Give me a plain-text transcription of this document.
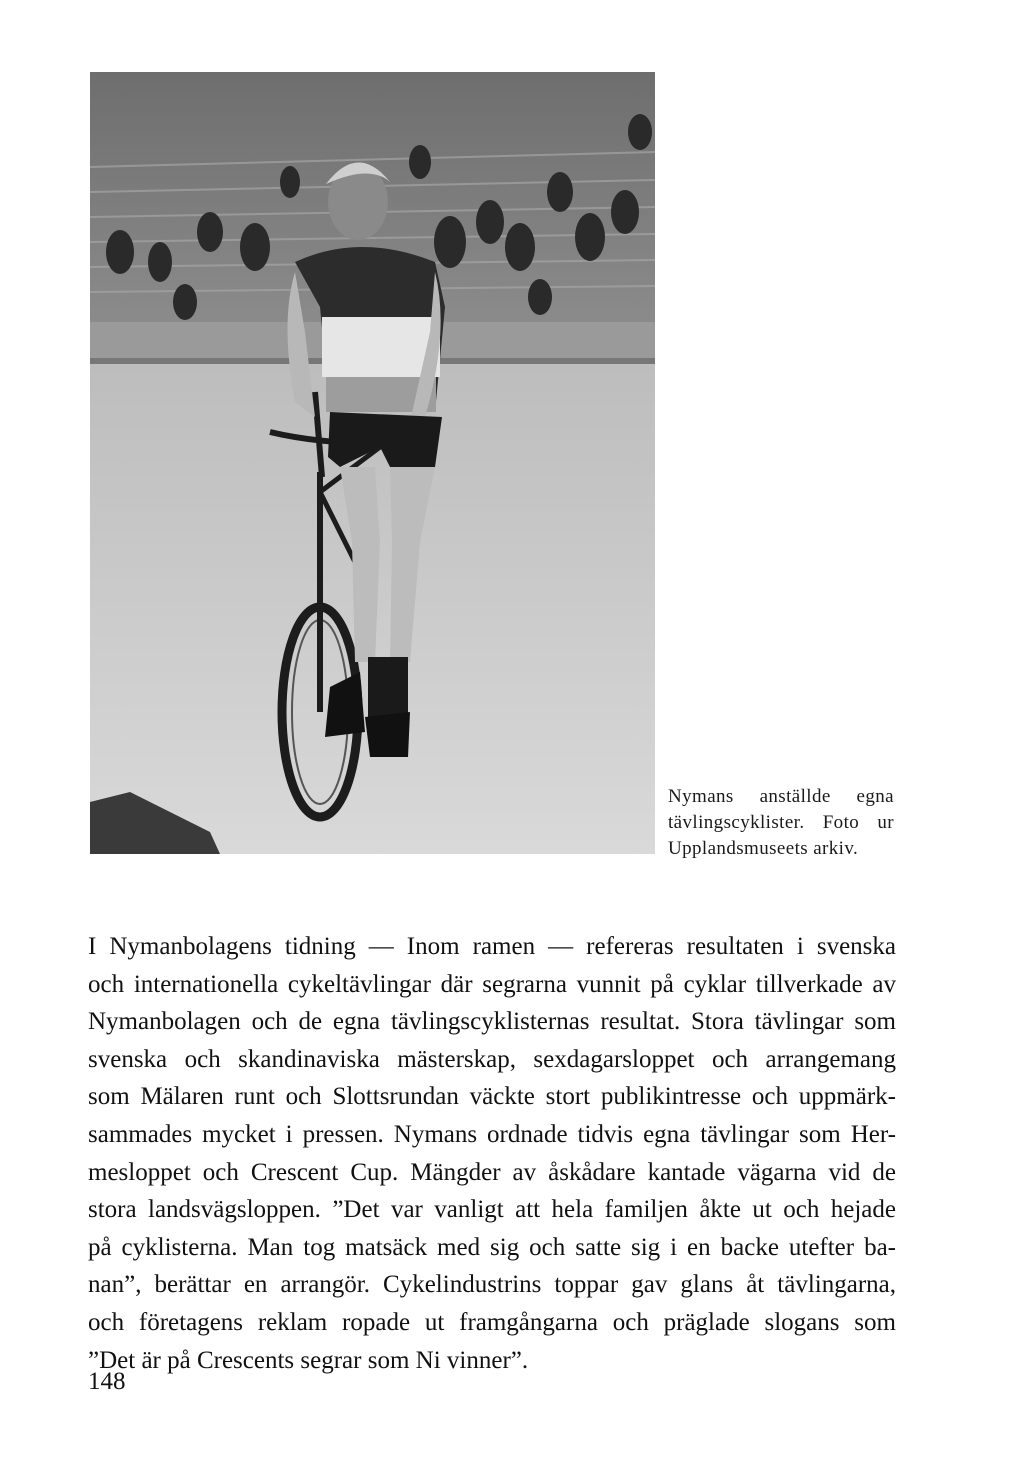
Nymans anställde egna
tävlingscyklister. Foto ur
Upplandsmuseets arkiv.
I Nymanbolagens tidning — Inom ramen — refereras resultaten i svenska
och internationella cykeltävlingar där segrarna vunnit på cyklar tillverkade av
Nymanbolagen och de egna tävlingscyklisternas resultat. Stora tävlingar som
svenska och skandinaviska mästerskap, sexdagarsloppet och arrangemang
som Mälaren runt och Slottsrundan väckte stort publikintresse och uppmärk-
sammades mycket i pressen. Nymans ordnade tidvis egna tävlingar som Her-
mesloppet och Crescent Cup. Mängder av åskådare kantade vägarna vid de
stora landsvägsloppen. ”Det var vanligt att hela familjen åkte ut och hejade
på cyklisterna. Man tog matsäck med sig och satte sig i en backe utefter ba-
nan”, berättar en arrangör. Cykelindustrins toppar gav glans åt tävlingarna,
och företagens reklam ropade ut framgångarna och präglade slogans som
”Det är på Crescents segrar som Ni vinner”.
148
